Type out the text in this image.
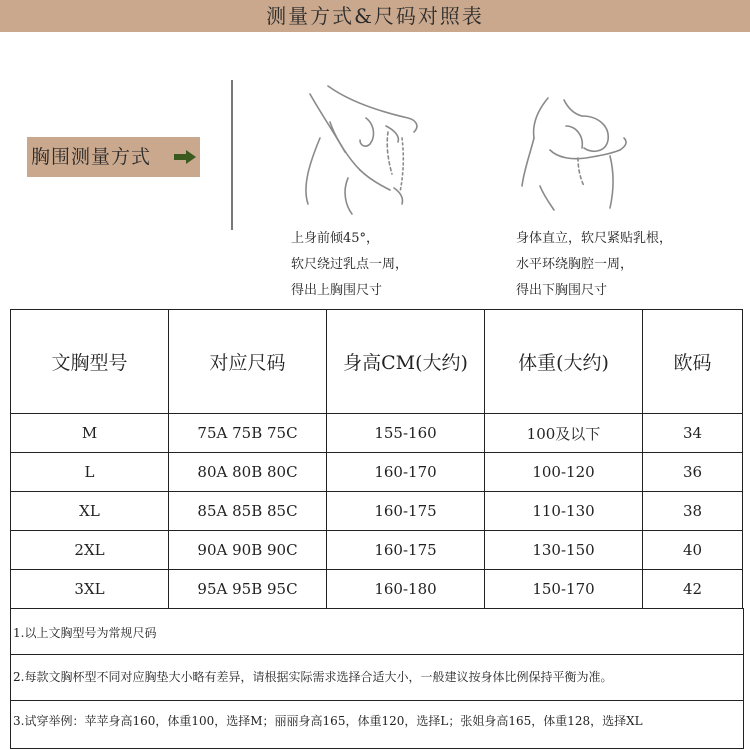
测量方式&尺码对照表
胸围测量方式
上身前倾45°，
软尺绕过乳点一周，
得出上胸围尺寸
身体直立，软尺紧贴乳根，
水平环绕胸腔一周，
得出下胸围尺寸
文胸型号	对应尺码	身高CM(大约)	体重(大约)	欧码
M	75A 75B 75C	155-160	100及以下	34
L	80A 80B 80C	160-170	100-120	36
XL	85A 85B 85C	160-175	110-130	38
2XL	90A 90B 90C	160-175	130-150	40
3XL	95A 95B 95C	160-180	150-170	42
1.以上文胸型号为常规尺码
2.每款文胸杯型不同对应胸垫大小略有差异，请根据实际需求选择合适大小，一般建议按身体比例保持平衡为准。
3.试穿举例：苹苹身高160，体重100，选择M；丽丽身高165，体重120，选择L；张姐身高165，体重128，选择XL
